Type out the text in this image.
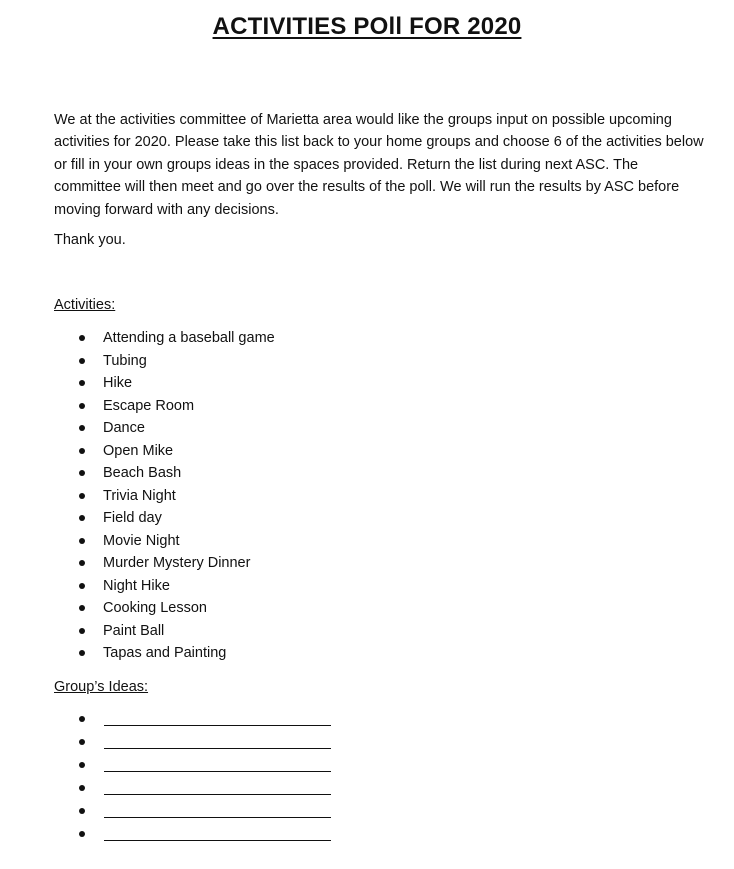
ACTIVITIES POll FOR 2020

We at the activities committee of Marietta area would like the groups input on possible upcoming activities for 2020. Please take this list back to your home groups and choose 6 of the activities below or fill in your own groups ideas in the spaces provided. Return the list during next ASC. The committee will then meet and go over the results of the poll. We will run the results by ASC before moving forward with any decisions.

Thank you.

Activities:

Attending a baseball game
Tubing
Hike
Escape Room
Dance
Open Mike
Beach Bash
Trivia Night
Field day
Movie Night
Murder Mystery Dinner
Night Hike
Cooking Lesson
Paint Ball
Tapas and Painting

Group’s Ideas:
